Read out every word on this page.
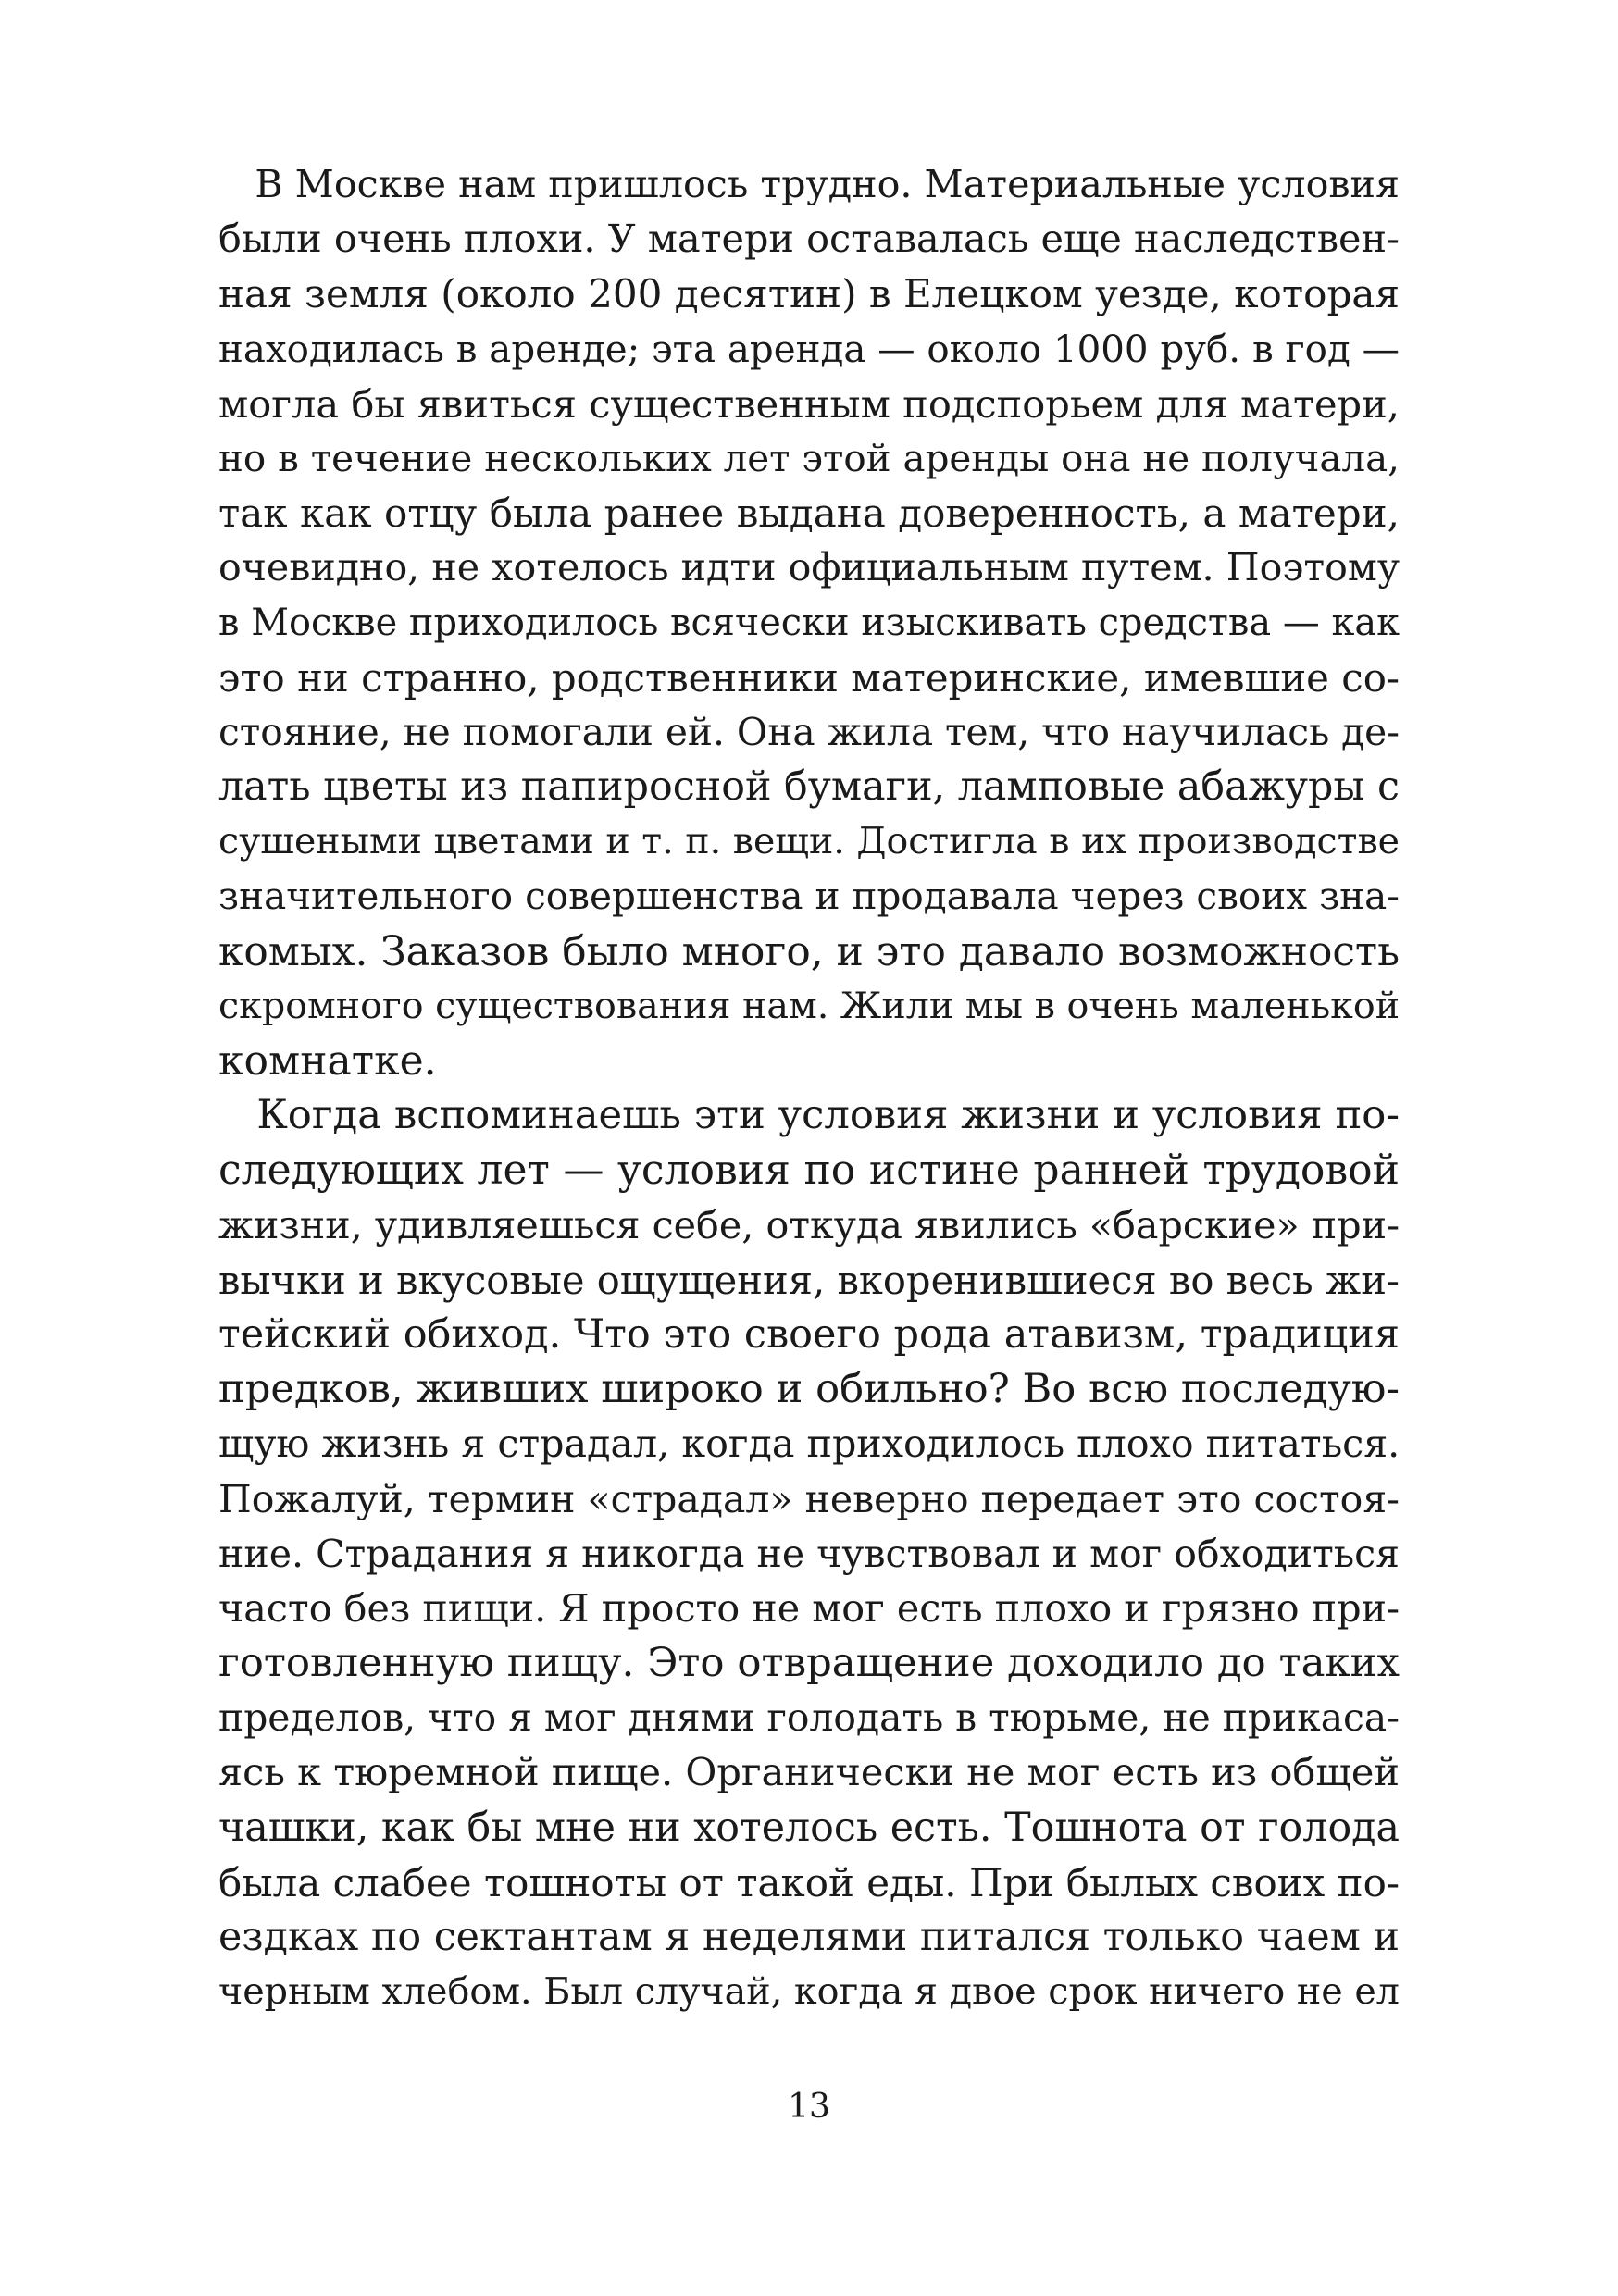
В Москве нам пришлось трудно. Материальные условия
были очень плохи. У матери оставалась еще наследствен-
ная земля (около 200 десятин) в Елецком уезде, которая
находилась в аренде; эта аренда — около 1000 руб. в год —
могла бы явиться существенным подспорьем для матери,
но в течение нескольких лет этой аренды она не получала,
так как отцу была ранее выдана доверенность, а матери,
очевидно, не хотелось идти официальным путем. Поэтому
в Москве приходилось всячески изыскивать средства — как
это ни странно, родственники материнские, имевшие со-
стояние, не помогали ей. Она жила тем, что научилась де-
лать цветы из папиросной бумаги, ламповые абажуры с
сушеными цветами и т. п. вещи. Достигла в их производстве
значительного совершенства и продавала через своих зна-
комых. Заказов было много, и это давало возможность
скромного существования нам. Жили мы в очень маленькой
комнатке.
Когда вспоминаешь эти условия жизни и условия по-
следующих лет — условия по истине ранней трудовой
жизни, удивляешься себе, откуда явились «барские» при-
вычки и вкусовые ощущения, вкоренившиеся во весь жи-
тейский обиход. Что это своего рода атавизм, традиция
предков, живших широко и обильно? Во всю последую-
щую жизнь я страдал, когда приходилось плохо питаться.
Пожалуй, термин «страдал» неверно передает это состоя-
ние. Страдания я никогда не чувствовал и мог обходиться
часто без пищи. Я просто не мог есть плохо и грязно при-
готовленную пищу. Это отвращение доходило до таких
пределов, что я мог днями голодать в тюрьме, не прикаса-
ясь к тюремной пище. Органически не мог есть из общей
чашки, как бы мне ни хотелось есть. Тошнота от голода
была слабее тошноты от такой еды. При былых своих по-
ездках по сектантам я неделями питался только чаем и
черным хлебом. Был случай, когда я двое срок ничего не ел
13
